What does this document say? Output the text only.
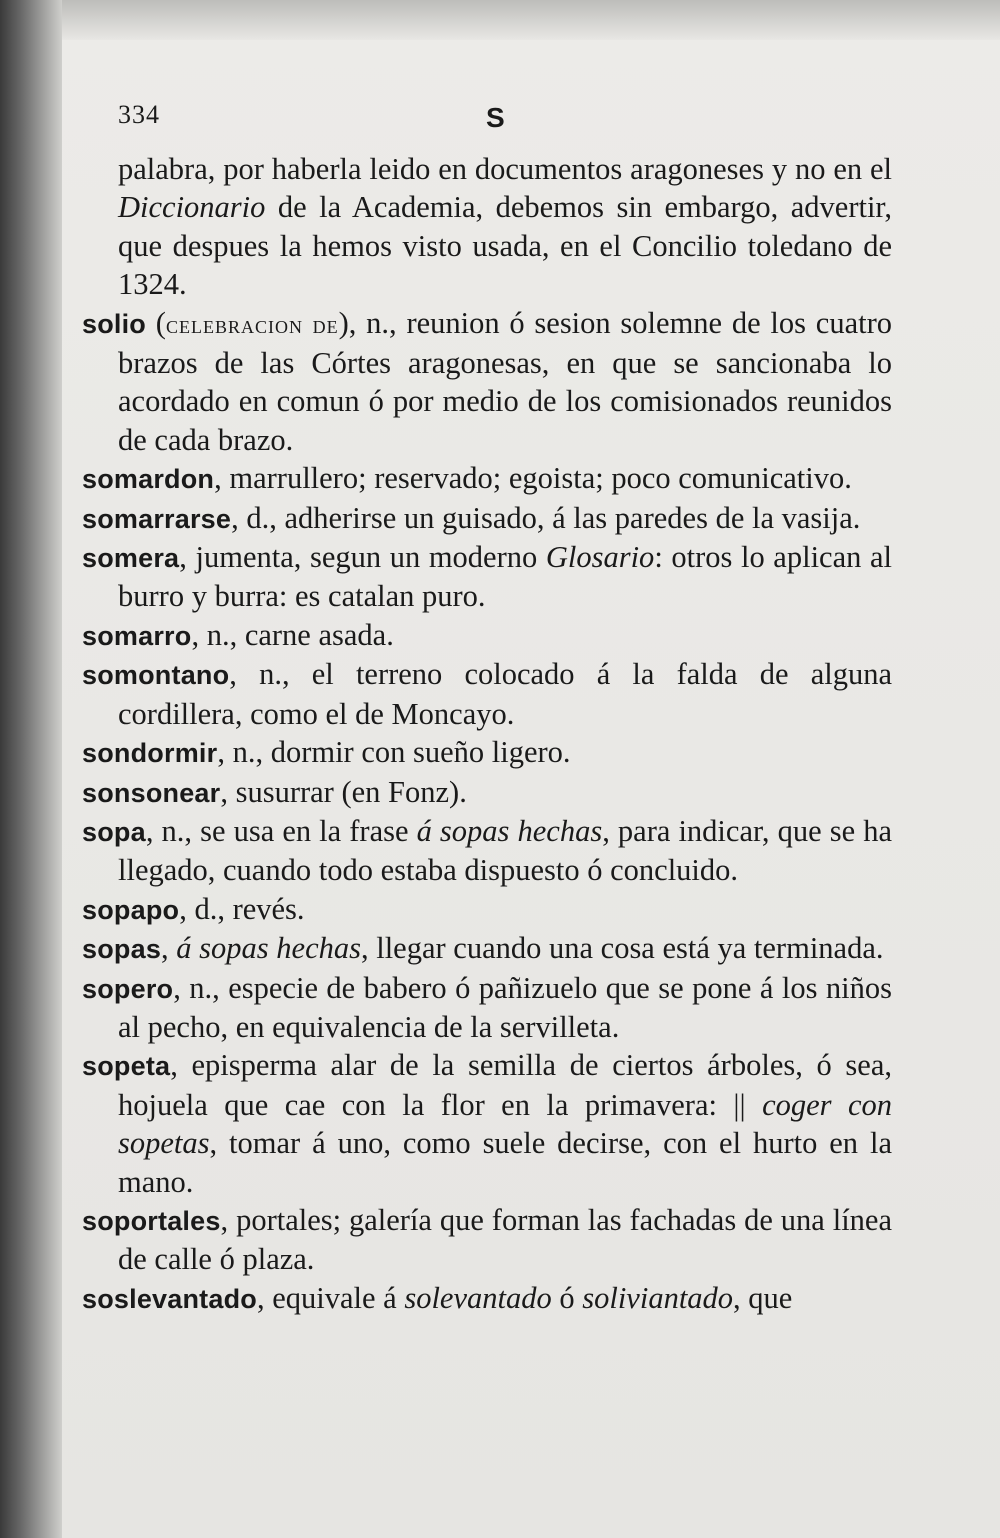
334	S

palabra, por haberla leido en documentos aragoneses y no en el Diccionario de la Academia, debemos sin embargo, advertir, que despues la hemos visto usada, en el Concilio toledano de 1324.

solio (celebracion de), n., reunion ó sesion solemne de los cuatro brazos de las Córtes aragonesas, en que se sancionaba lo acordado en comun ó por medio de los comisionados reunidos de cada brazo.

somardon, marrullero; reservado; egoista; poco comunicativo.

somarrarse, d., adherirse un guisado, á las paredes de la vasija.

somera, jumenta, segun un moderno Glosario: otros lo aplican al burro y burra: es catalan puro.

somarro, n., carne asada.

somontano, n., el terreno colocado á la falda de alguna cordillera, como el de Moncayo.

sondormir, n., dormir con sueño ligero.

sonsonear, susurrar (en Fonz).

sopa, n., se usa en la frase á sopas hechas, para indicar, que se ha llegado, cuando todo estaba dispuesto ó concluido.

sopapo, d., revés.

sopas, á sopas hechas, llegar cuando una cosa está ya terminada.

sopero, n., especie de babero ó pañizuelo que se pone á los niños al pecho, en equivalencia de la servilleta.

sopeta, episperma alar de la semilla de ciertos árboles, ó sea, hojuela que cae con la flor en la primavera: || coger con sopetas, tomar á uno, como suele decirse, con el hurto en la mano.

soportales, portales; galería que forman las fachadas de una línea de calle ó plaza.

soslevantado, equivale á solevantado ó soliviantado, que
